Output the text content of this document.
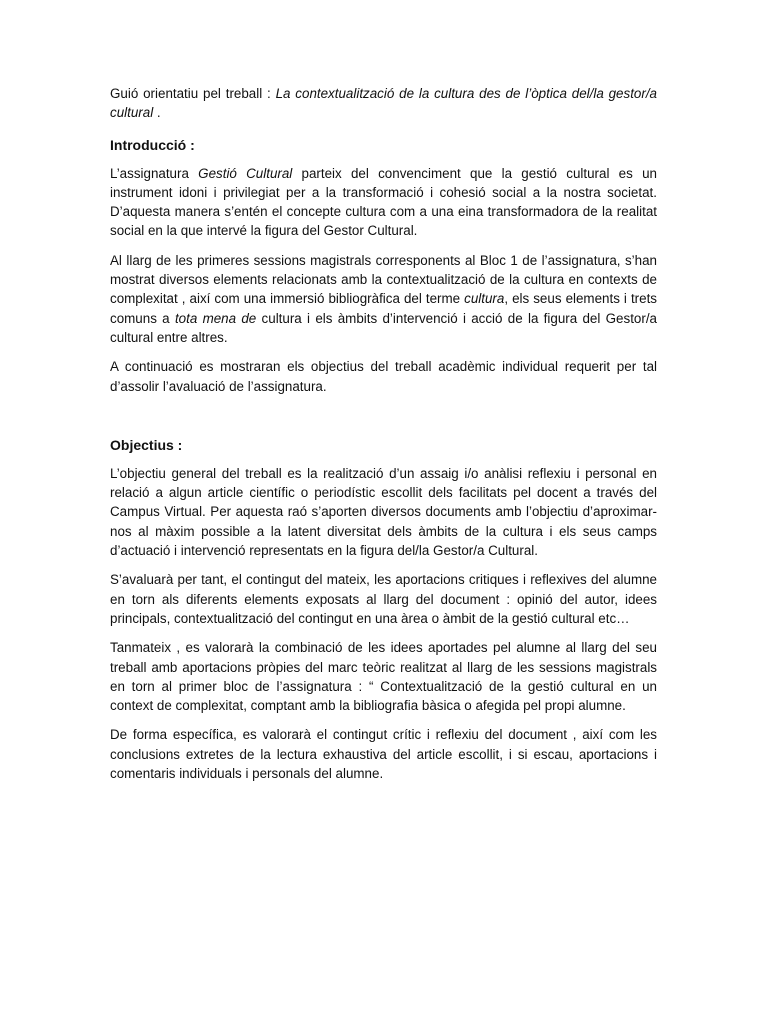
Guió orientatiu pel treball : La contextualització de la cultura des de l’òptica del/la gestor/a cultural .

Introducció :

L’assignatura Gestió Cultural parteix del convenciment que la gestió cultural es un instrument idoni i privilegiat per a la transformació i cohesió social a la nostra societat. D’aquesta manera s’entén el concepte cultura com a una eina transformadora de la realitat social en la que intervé la figura del Gestor Cultural.

Al llarg de les primeres sessions magistrals corresponents al Bloc 1 de l’assignatura, s’han mostrat diversos elements relacionats amb la contextualització de la cultura en contexts de complexitat , així com una immersió bibliogràfica del terme cultura, els seus elements i trets comuns a tota mena de cultura i els àmbits d’intervenció i acció de la figura del Gestor/a cultural entre altres.

A continuació es mostraran els objectius del treball acadèmic individual requerit per tal d’assolir l’avaluació de l’assignatura.

Objectius :

L’objectiu general del treball es la realització d’un assaig i/o anàlisi reflexiu i personal en relació a algun article científic o periodístic escollit dels facilitats pel docent a través del Campus Virtual. Per aquesta raó s’aporten diversos documents amb l’objectiu d’aproximar-nos al màxim possible a la latent diversitat dels àmbits de la cultura i els seus camps d’actuació i intervenció representats en la figura del/la Gestor/a Cultural.

S’avaluarà per tant, el contingut del mateix, les aportacions critiques i reflexives del alumne en torn als diferents elements exposats al llarg del document : opinió del autor, idees principals, contextualització del contingut en una àrea o àmbit de la gestió cultural etc…

Tanmateix , es valorarà la combinació de les idees aportades pel alumne al llarg del seu treball amb aportacions pròpies del marc teòric realitzat al llarg de les sessions magistrals en torn al primer bloc de l’assignatura : “ Contextualització de la gestió cultural en un context de complexitat, comptant amb la bibliografia bàsica o afegida pel propi alumne.

De forma específica, es valorarà el contingut crític i reflexiu del document , així com les conclusions extretes de la lectura exhaustiva del article escollit, i si escau, aportacions i comentaris individuals i personals del alumne.
